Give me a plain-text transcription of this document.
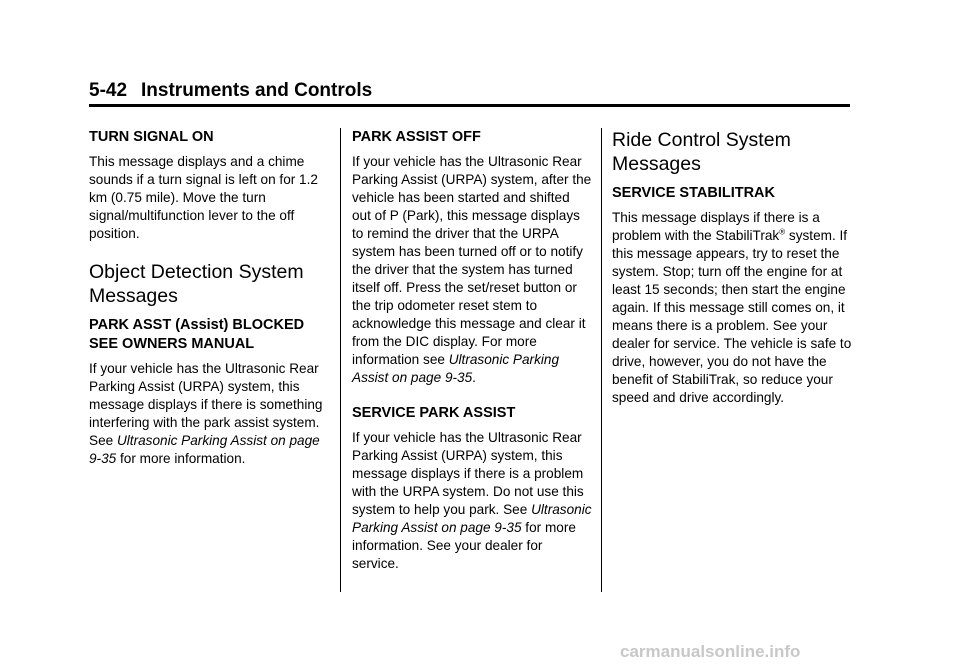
5-42 Instruments and Controls
TURN SIGNAL ON

This message displays and a chime sounds if a turn signal is left on for 1.2 km (0.75 mile). Move the turn signal/multifunction lever to the off position.

Object Detection System Messages
PARK ASST (Assist) BLOCKED SEE OWNERS MANUAL

If your vehicle has the Ultrasonic Rear Parking Assist (URPA) system, this message displays if there is something interfering with the park assist system. See Ultrasonic Parking Assist on page 9‑35 for more information.

PARK ASSIST OFF

If your vehicle has the Ultrasonic Rear Parking Assist (URPA) system, after the vehicle has been started and shifted out of P (Park), this message displays to remind the driver that the URPA system has been turned off or to notify the driver that the system has turned itself off. Press the set/reset button or the trip odometer reset stem to acknowledge this message and clear it from the DIC display. For more information see Ultrasonic Parking Assist on page 9‑35.

SERVICE PARK ASSIST

If your vehicle has the Ultrasonic Rear Parking Assist (URPA) system, this message displays if there is a problem with the URPA system. Do not use this system to help you park. See Ultrasonic Parking Assist on page 9‑35 for more information. See your dealer for service.

Ride Control System Messages
SERVICE STABILITRAK

This message displays if there is a problem with the StabiliTrak® system. If this message appears, try to reset the system. Stop; turn off the engine for at least 15 seconds; then start the engine again. If this message still comes on, it means there is a problem. See your dealer for service. The vehicle is safe to drive, however, you do not have the benefit of StabiliTrak, so reduce your speed and drive accordingly.

carmanualsonline.info
